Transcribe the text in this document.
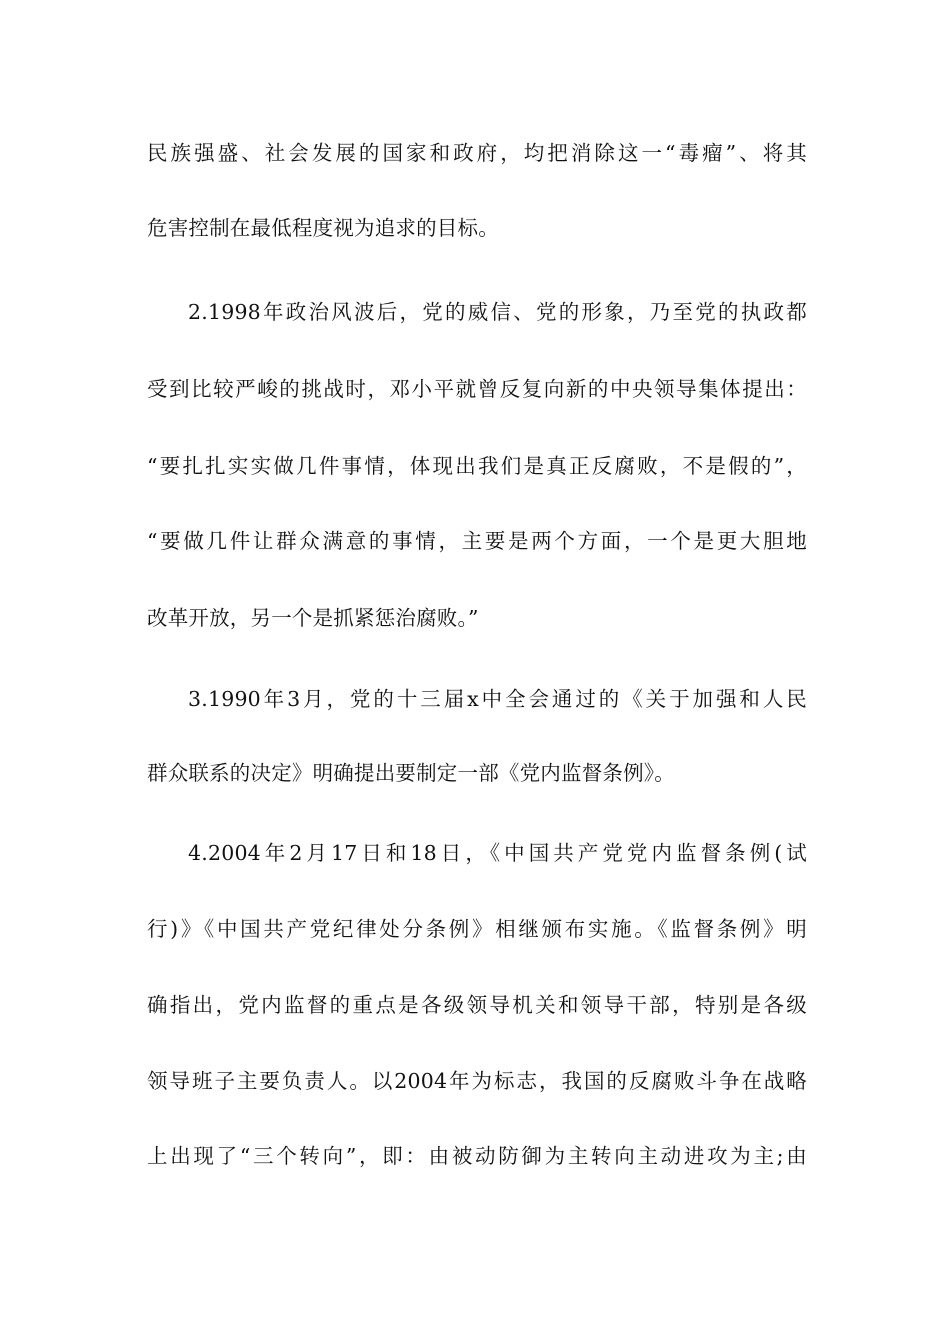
民族强盛、社会发展的国家和政府，均把消除这一“毒瘤”、将其
危害控制在最低程度视为追求的目标。
2.1998年政治风波后，党的威信、党的形象，乃至党的执政都
受到比较严峻的挑战时，邓小平就曾反复向新的中央领导集体提出：
“要扎扎实实做几件事情，体现出我们是真正反腐败，不是假的”，
“要做几件让群众满意的事情，主要是两个方面，一个是更大胆地
改革开放，另一个是抓紧惩治腐败。”
3.1990年3月，党的十三届x中全会通过的《关于加强和人民
群众联系的决定》明确提出要制定一部《党内监督条例》。
4.2004年2月17日和18日，《中国共产党党内监督条例(试
行)》《中国共产党纪律处分条例》相继颁布实施。《监督条例》明
确指出，党内监督的重点是各级领导机关和领导干部，特别是各级
领导班子主要负责人。以2004年为标志，我国的反腐败斗争在战略
上出现了“三个转向”，即：由被动防御为主转向主动进攻为主;由
